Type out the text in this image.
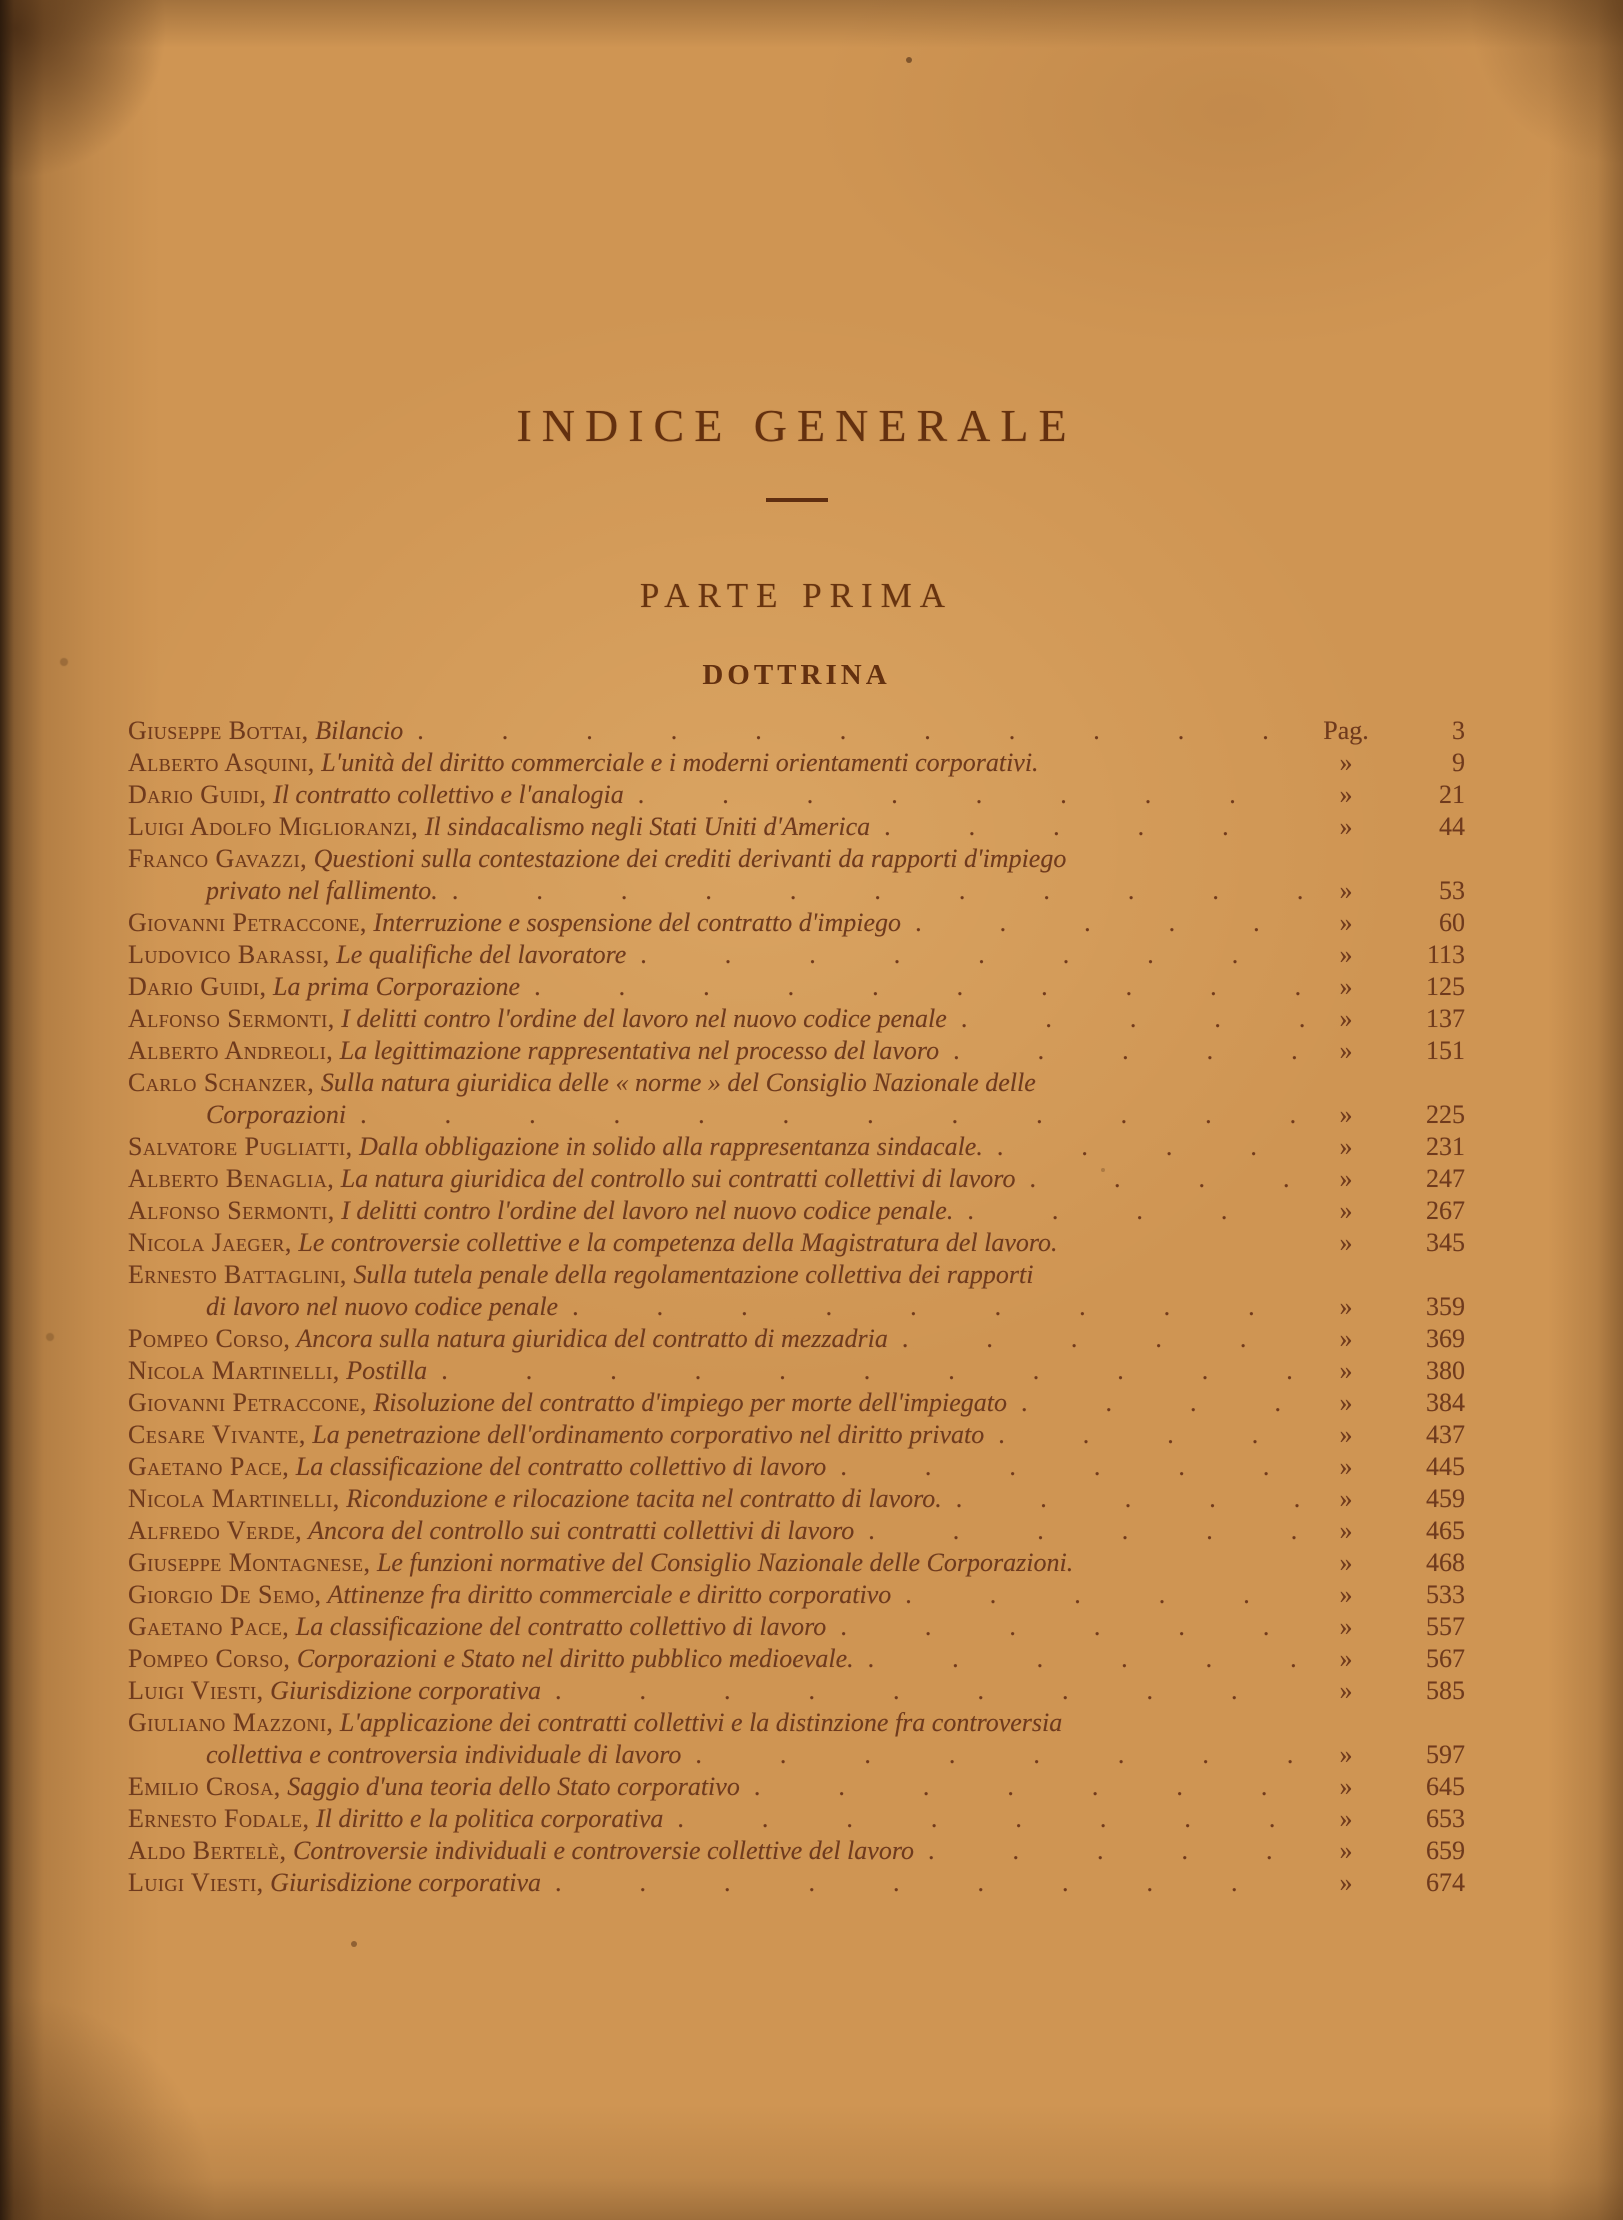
INDICE GENERALE
PARTE PRIMA
DOTTRINA
Giuseppe Bottai, Bilancio .....	Pag.	3
Alberto Asquini, L'unità del diritto commerciale e i moderni orientamenti corporativi.	»	9
Dario Guidi, Il contratto collettivo e l'analogia .....	»	21
Luigi Adolfo Miglioranzi, Il sindacalismo negli Stati Uniti d'America .....	»	44
Franco Gavazzi, Questioni sulla contestazione dei crediti derivanti da rapporti d'impiego
privato nel fallimento. .....	»	53
Giovanni Petraccone, Interruzione e sospensione del contratto d'impiego .....	»	60
Ludovico Barassi, Le qualifiche del lavoratore .....	»	113
Dario Guidi, La prima Corporazione .....	»	125
Alfonso Sermonti, I delitti contro l'ordine del lavoro nel nuovo codice penale .....	»	137
Alberto Andreoli, La legittimazione rappresentativa nel processo del lavoro .....	»	151
Carlo Schanzer, Sulla natura giuridica delle « norme » del Consiglio Nazionale delle
Corporazioni .....	»	225
Salvatore Pugliatti, Dalla obbligazione in solido alla rappresentanza sindacale. .....	»	231
Alberto Benaglia, La natura giuridica del controllo sui contratti collettivi di lavoro .....	»	247
Alfonso Sermonti, I delitti contro l'ordine del lavoro nel nuovo codice penale. .....	»	267
Nicola Jaeger, Le controversie collettive e la competenza della Magistratura del lavoro.	»	345
Ernesto Battaglini, Sulla tutela penale della regolamentazione collettiva dei rapporti
di lavoro nel nuovo codice penale .....	»	359
Pompeo Corso, Ancora sulla natura giuridica del contratto di mezzadria .....	»	369
Nicola Martinelli, Postilla .....	»	380
Giovanni Petraccone, Risoluzione del contratto d'impiego per morte dell'impiegato .....	»	384
Cesare Vivante, La penetrazione dell'ordinamento corporativo nel diritto privato .....	»	437
Gaetano Pace, La classificazione del contratto collettivo di lavoro .....	»	445
Nicola Martinelli, Riconduzione e rilocazione tacita nel contratto di lavoro. .....	»	459
Alfredo Verde, Ancora del controllo sui contratti collettivi di lavoro .....	»	465
Giuseppe Montagnese, Le funzioni normative del Consiglio Nazionale delle Corporazioni.	»	468
Giorgio De Semo, Attinenze fra diritto commerciale e diritto corporativo .....	»	533
Gaetano Pace, La classificazione del contratto collettivo di lavoro .....	»	557
Pompeo Corso, Corporazioni e Stato nel diritto pubblico medioevale. .....	»	567
Luigi Viesti, Giurisdizione corporativa .....	»	585
Giuliano Mazzoni, L'applicazione dei contratti collettivi e la distinzione fra controversia
collettiva e controversia individuale di lavoro .....	»	597
Emilio Crosa, Saggio d'una teoria dello Stato corporativo .....	»	645
Ernesto Fodale, Il diritto e la politica corporativa .....	»	653
Aldo Bertelè, Controversie individuali e controversie collettive del lavoro .....	»	659
Luigi Viesti, Giurisdizione corporativa .....	»	674
